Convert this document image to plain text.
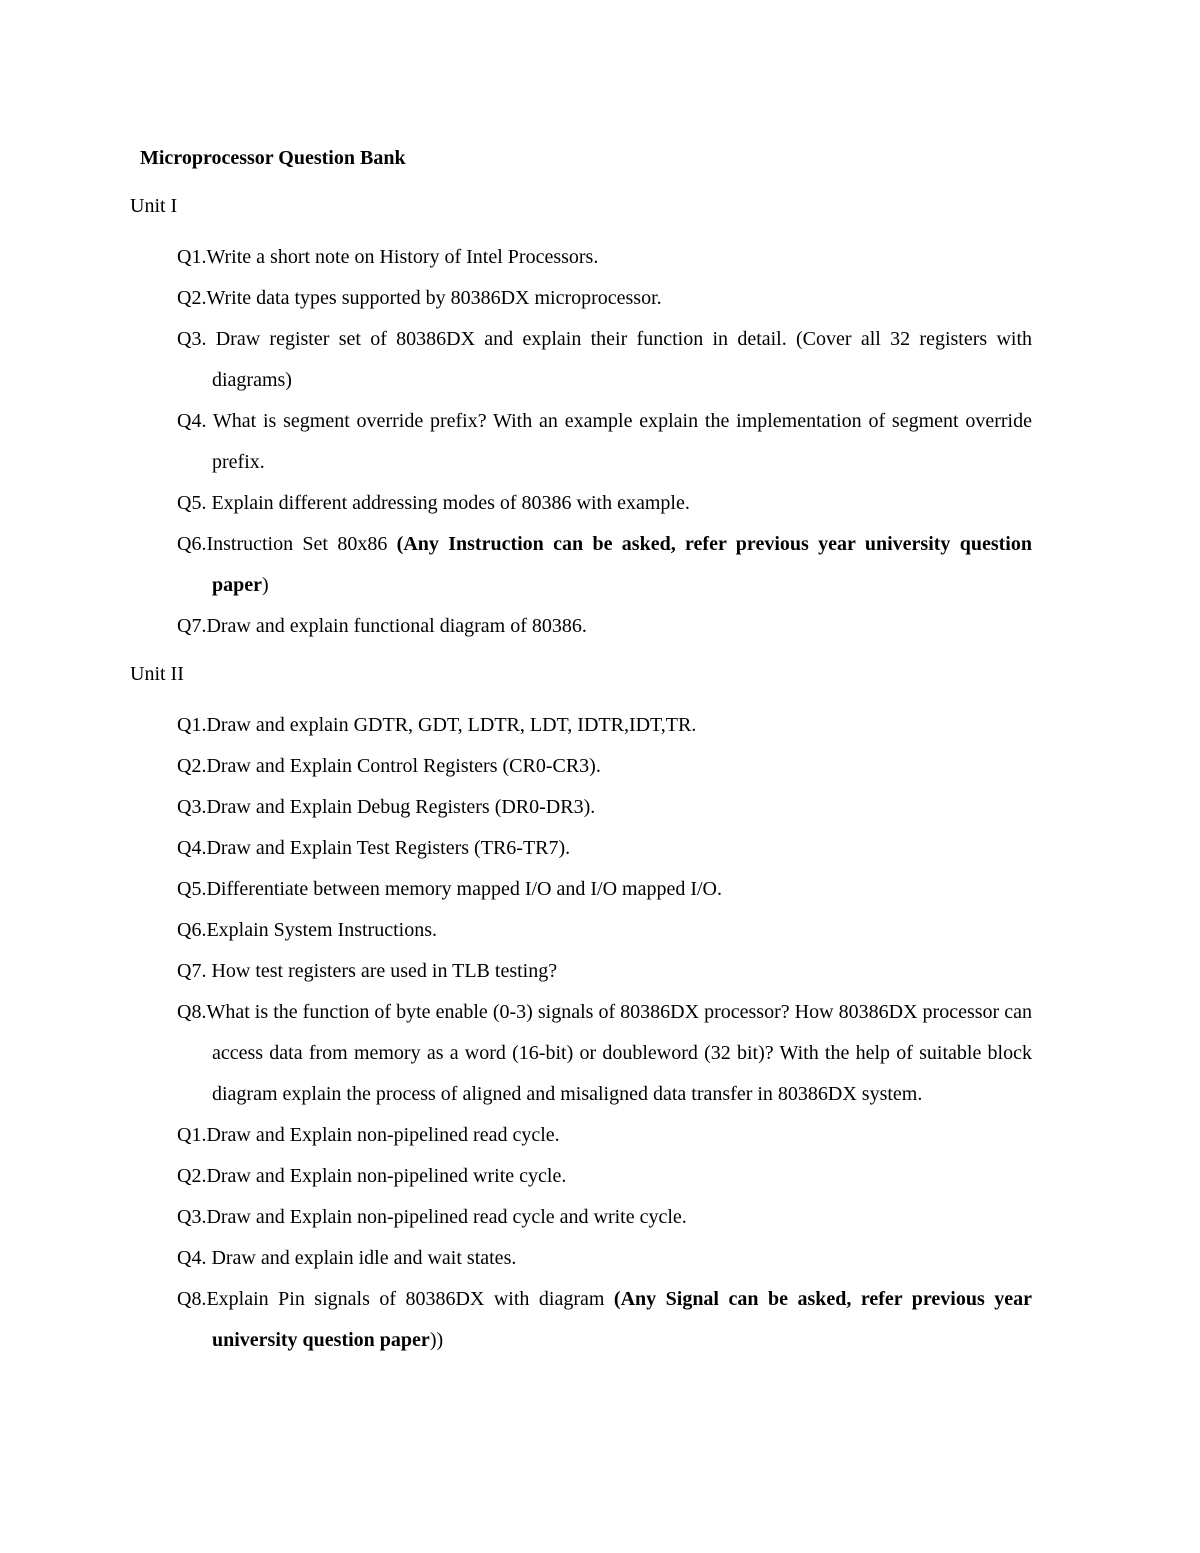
Microprocessor Question Bank
Unit I

Q1.Write a short note on History of Intel Processors.

Q2.Write data types supported by 80386DX microprocessor.

Q3. Draw register set of 80386DX and explain their function in detail. (Cover all 32 registers with diagrams)

Q4. What is segment override prefix? With an example explain the implementation of segment override prefix.

Q5. Explain different addressing modes of 80386 with example.

Q6.Instruction Set 80x86 (Any Instruction can be asked, refer previous year university question paper)

Q7.Draw and explain functional diagram of 80386.

Unit II

Q1.Draw and explain GDTR, GDT, LDTR, LDT, IDTR,IDT,TR.

Q2.Draw and Explain Control Registers (CR0-CR3).

Q3.Draw and Explain Debug Registers (DR0-DR3).

Q4.Draw and Explain Test Registers (TR6-TR7).

Q5.Differentiate between memory mapped I/O and I/O mapped I/O.

Q6.Explain System Instructions.

Q7. How test registers are used in TLB testing?

Q8.What is the function of byte enable (0-3) signals of 80386DX processor? How 80386DX processor can access data from memory as a word (16-bit) or doubleword (32 bit)? With the help of suitable block diagram explain the process of aligned and misaligned data transfer in 80386DX system.

Q1.Draw and Explain non-pipelined read cycle.

Q2.Draw and Explain non-pipelined write cycle.

Q3.Draw and Explain non-pipelined read cycle and write cycle.

Q4. Draw and explain idle and wait states.

Q8.Explain Pin signals of 80386DX with diagram (Any Signal can be asked, refer previous year university question paper))
